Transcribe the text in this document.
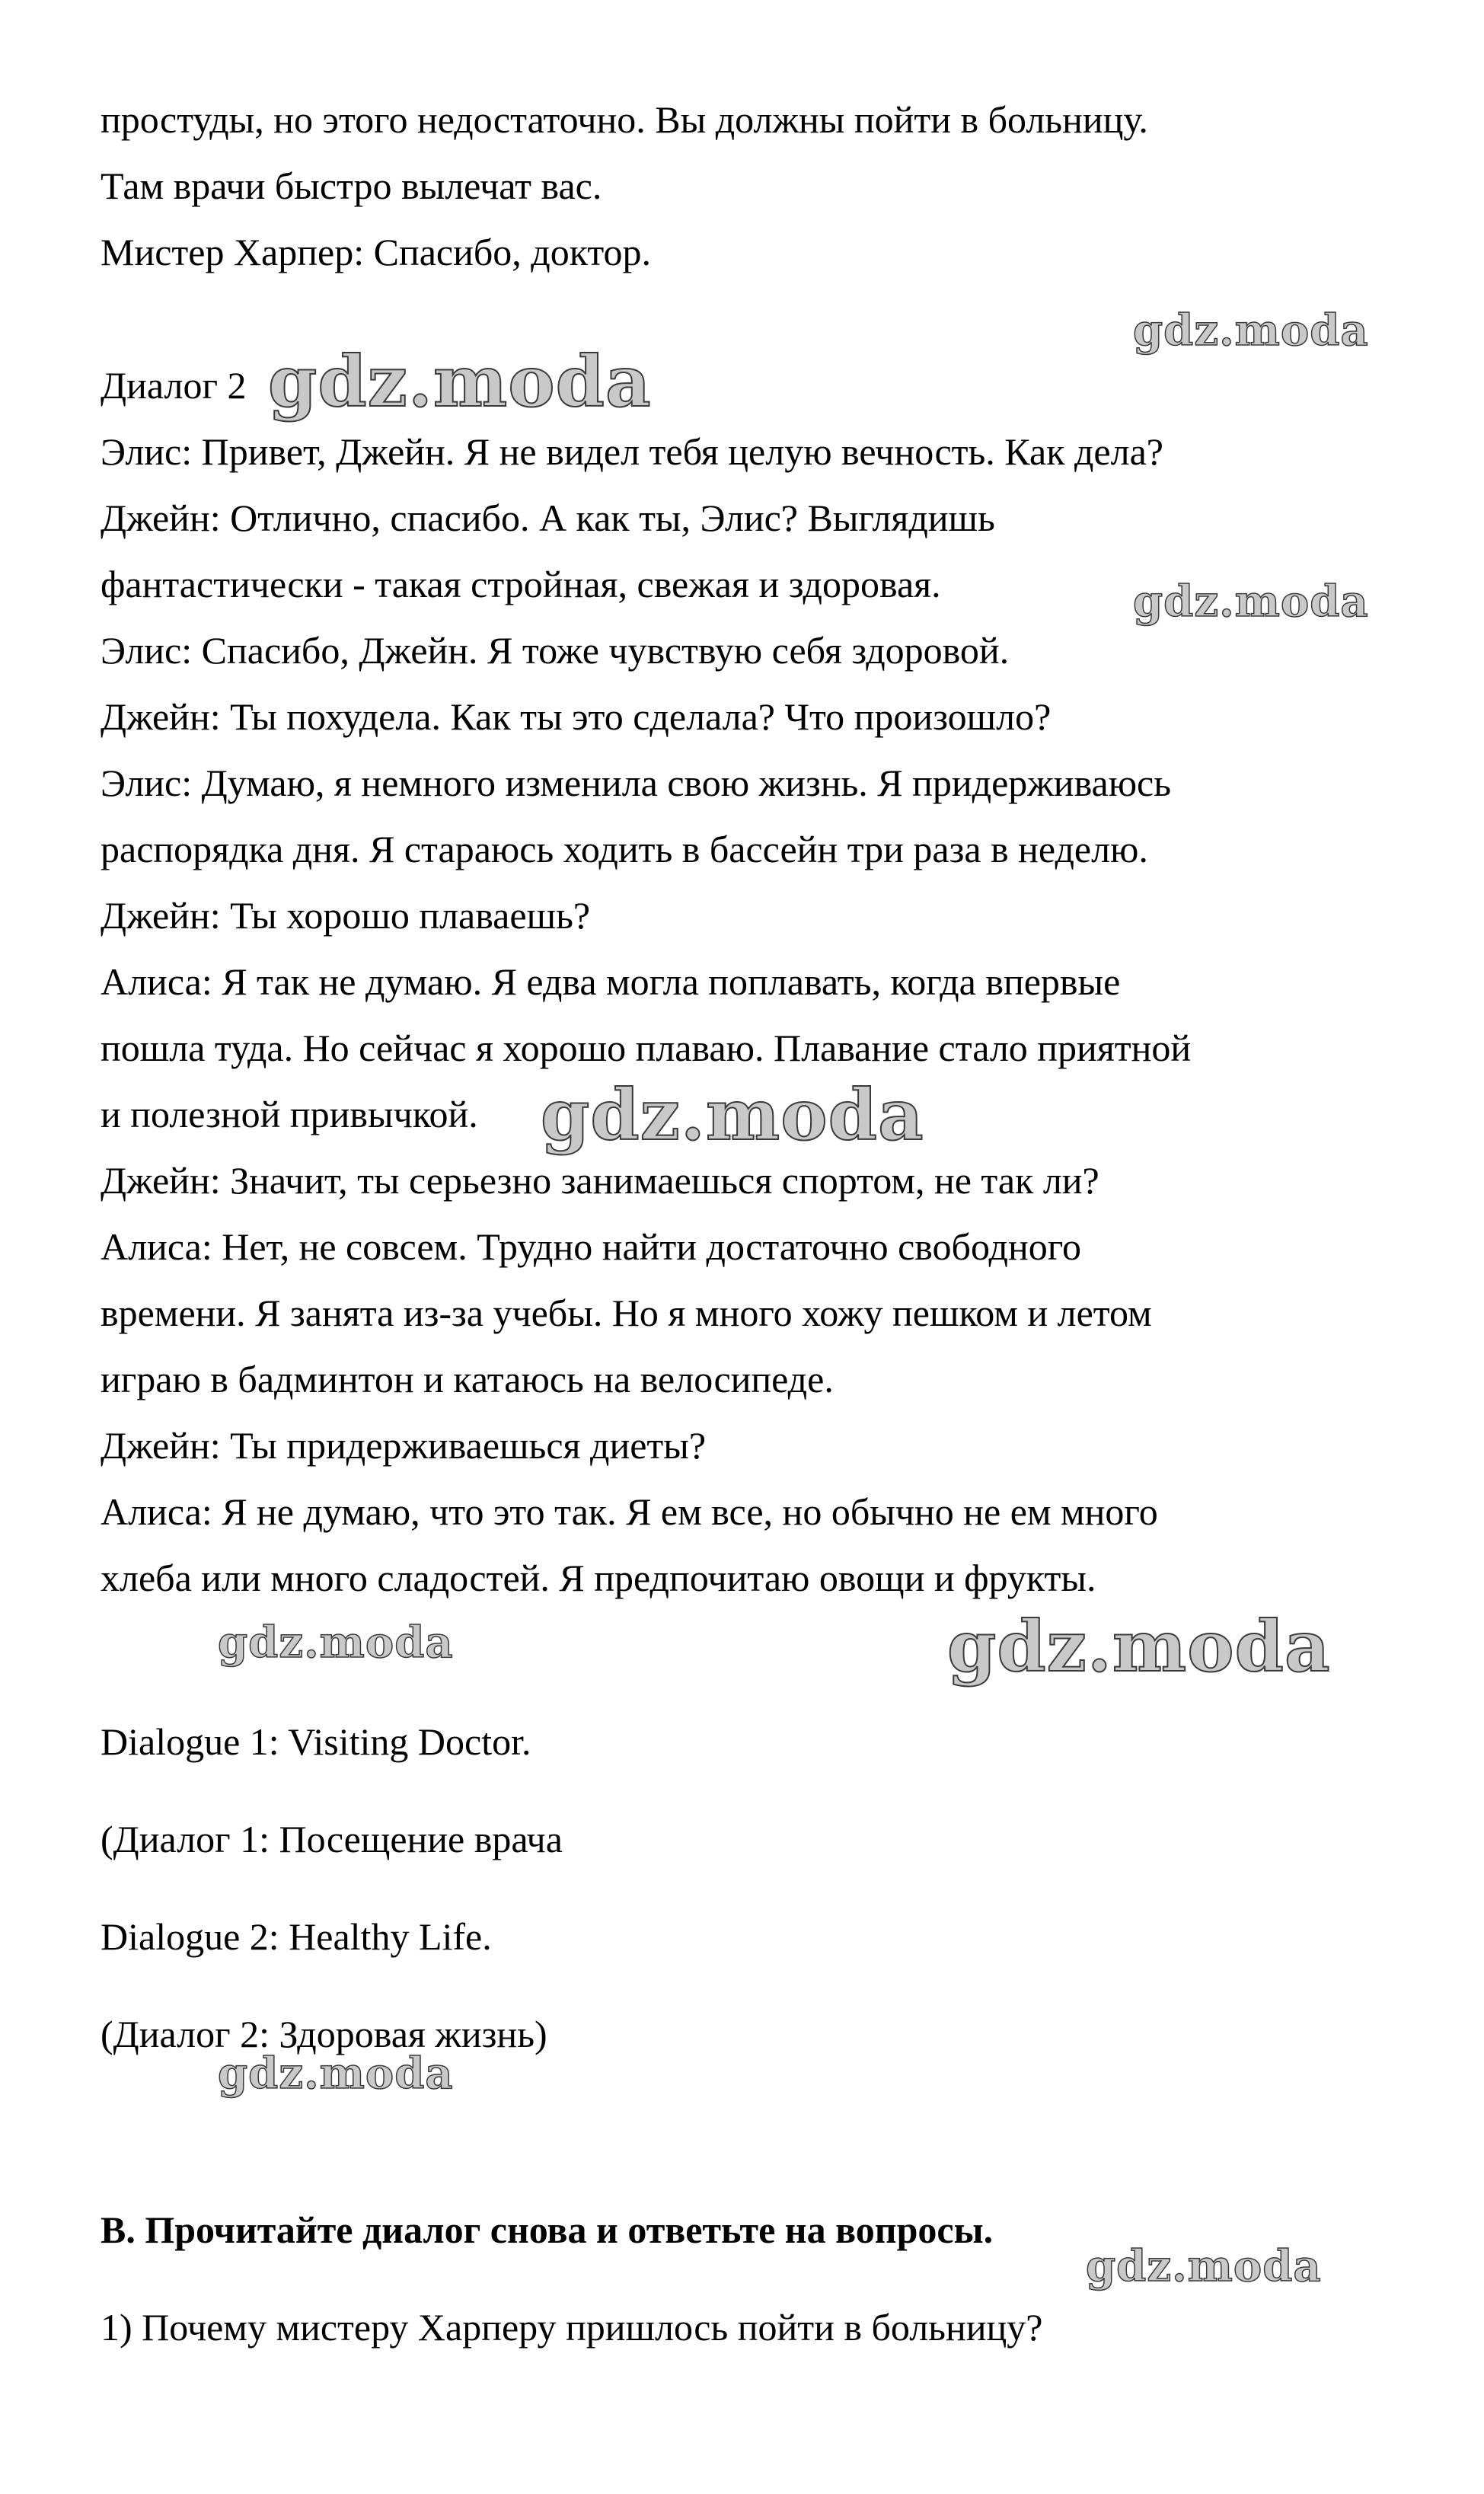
простуды, но этого недостаточно. Вы должны пойти в больницу.
Там врачи быстро вылечат вас.
Мистер Харпер: Спасибо, доктор.
Диалог 2
Элис: Привет, Джейн. Я не видел тебя целую вечность. Как дела?
Джейн: Отлично, спасибо. А как ты, Элис? Выглядишь
фантастически - такая стройная, свежая и здоровая.
Элис: Спасибо, Джейн. Я тоже чувствую себя здоровой.
Джейн: Ты похудела. Как ты это сделала? Что произошло?
Элис: Думаю, я немного изменила свою жизнь. Я придерживаюсь
распорядка дня. Я стараюсь ходить в бассейн три раза в неделю.
Джейн: Ты хорошо плаваешь?
Алиса: Я так не думаю. Я едва могла поплавать, когда впервые
пошла туда. Но сейчас я хорошо плаваю. Плавание стало приятной
и полезной привычкой.
Джейн: Значит, ты серьезно занимаешься спортом, не так ли?
Алиса: Нет, не совсем. Трудно найти достаточно свободного
времени. Я занята из-за учебы. Но я много хожу пешком и летом
играю в бадминтон и катаюсь на велосипеде.
Джейн: Ты придерживаешься диеты?
Алиса: Я не думаю, что это так. Я ем все, но обычно не ем много
хлеба или много сладостей. Я предпочитаю овощи и фрукты.
Dialogue 1: Visiting Doctor.
(Диалог 1: Посещение врача
Dialogue 2: Healthy Life.
(Диалог 2: Здоровая жизнь)
B. Прочитайте диалог снова и ответьте на вопросы.
1) Почему мистеру Харперу пришлось пойти в больницу?
gdz.moda
gdz.moda
gdz.moda
gdz.moda
gdz.moda	gdz.moda
gdz.moda
gdz.moda
